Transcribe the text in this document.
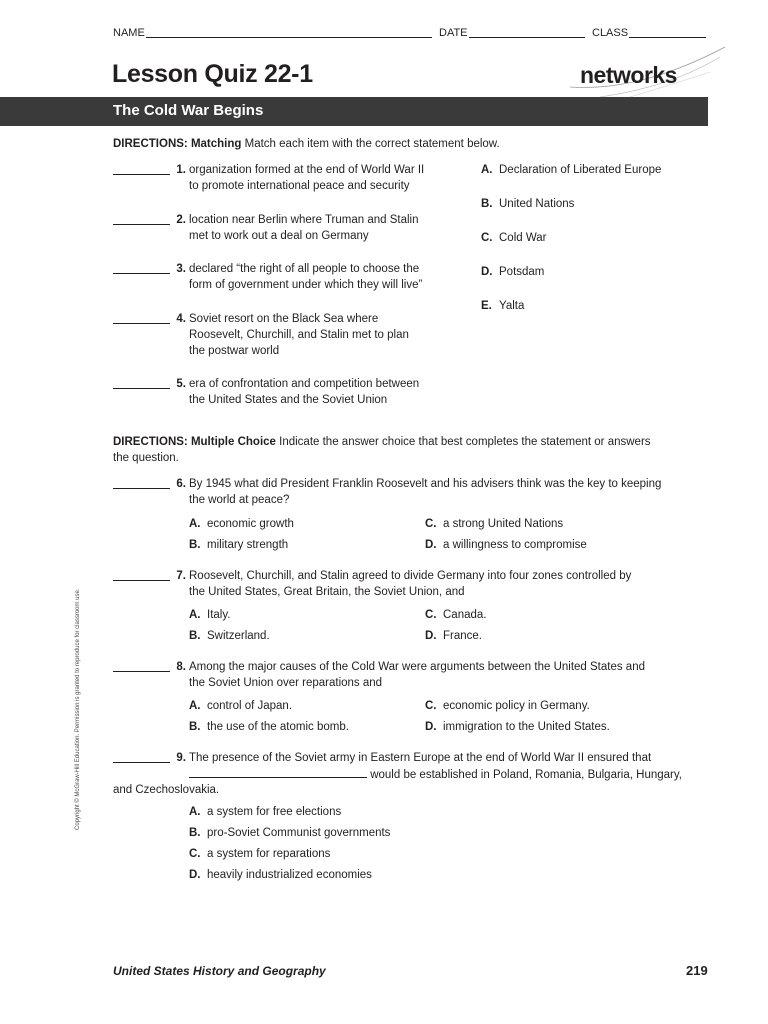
NAME	DATE	CLASS
Lesson Quiz 22-1	networks
The Cold War Begins
DIRECTIONS: Matching Match each item with the correct statement below.
1. organization formed at the end of World War II
to promote international peace and security
2. location near Berlin where Truman and Stalin
met to work out a deal on Germany
3. declared “the right of all people to choose the
form of government under which they will live”
4. Soviet resort on the Black Sea where
Roosevelt, Churchill, and Stalin met to plan
the postwar world
5. era of confrontation and competition between
the United States and the Soviet Union
A. Declaration of Liberated Europe
B. United Nations
C. Cold War
D. Potsdam
E. Yalta
DIRECTIONS: Multiple Choice Indicate the answer choice that best completes the statement or answers
the question.
6. By 1945 what did President Franklin Roosevelt and his advisers think was the key to keeping
the world at peace?
A. economic growth	C. a strong United Nations
B. military strength	D. a willingness to compromise
7. Roosevelt, Churchill, and Stalin agreed to divide Germany into four zones controlled by
the United States, Great Britain, the Soviet Union, and
A. Italy.	C. Canada.
B. Switzerland.	D. France.
8. Among the major causes of the Cold War were arguments between the United States and
the Soviet Union over reparations and
A. control of Japan.	C. economic policy in Germany.
B. the use of the atomic bomb.	D. immigration to the United States.
9. The presence of the Soviet army in Eastern Europe at the end of World War II ensured that
would be established in Poland, Romania, Bulgaria, Hungary,
and Czechoslovakia.
A. a system for free elections
B. pro-Soviet Communist governments
C. a system for reparations
D. heavily industrialized economies
Copyright © McGraw-Hill Education. Permission is granted to reproduce for classroom use.
United States History and Geography	219
